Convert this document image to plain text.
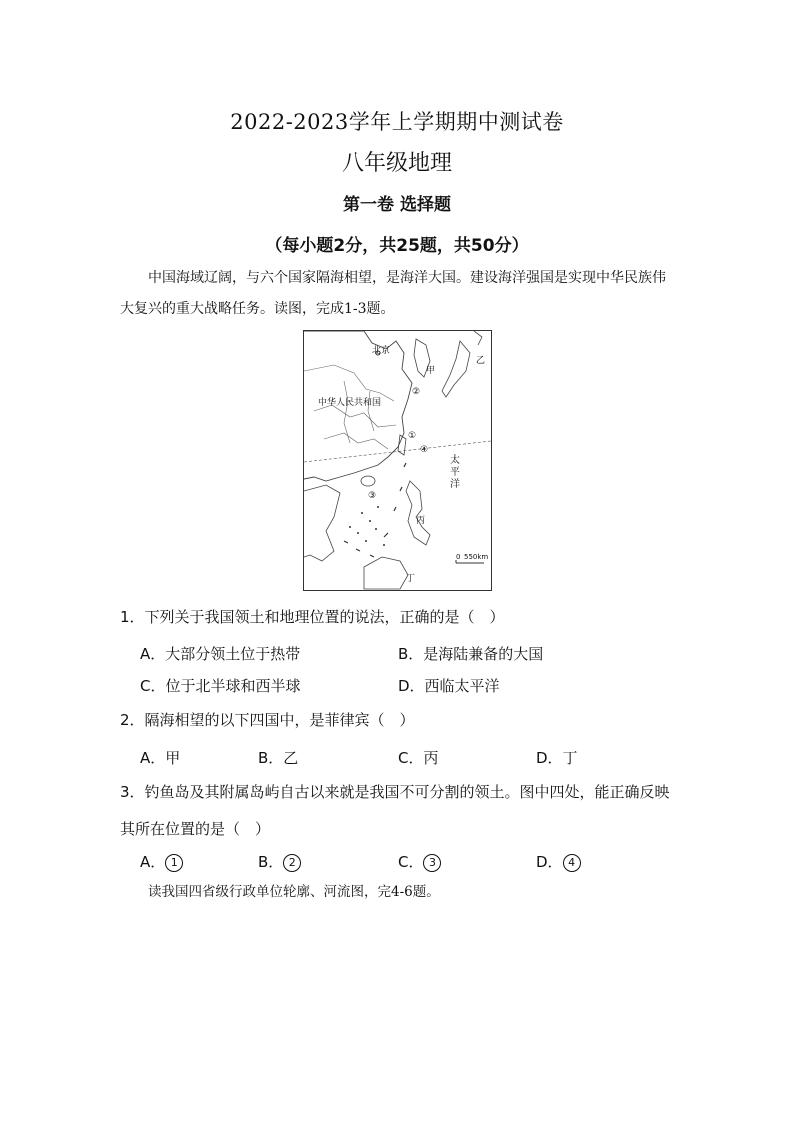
2022-2023学年上学期期中测试卷
八年级地理
第一卷 选择题
（每小题2分，共25题，共50分）
中国海域辽阔，与六个国家隔海相望，是海洋大国。建设海洋强国是实现中华民族伟大复兴的重大战略任务。读图，完成1-3题。
北京
中华人民共和国
甲
乙
丙
丁
①
②
③
④
太平洋
0 550km
1．下列关于我国领土和地理位置的说法，正确的是（　）
A．大部分领土位于热带	B．是海陆兼备的大国
C．位于北半球和西半球	D．西临太平洋
2．隔海相望的以下四国中，是菲律宾（　）
A．甲	B．乙	C．丙	D．丁
3．钓鱼岛及其附属岛屿自古以来就是我国不可分割的领土。图中四处，能正确反映其所在位置的是（　）
A． 1	B． 2	C． 3	D． 4
读我国四省级行政单位轮廓、河流图，完4-6题。
